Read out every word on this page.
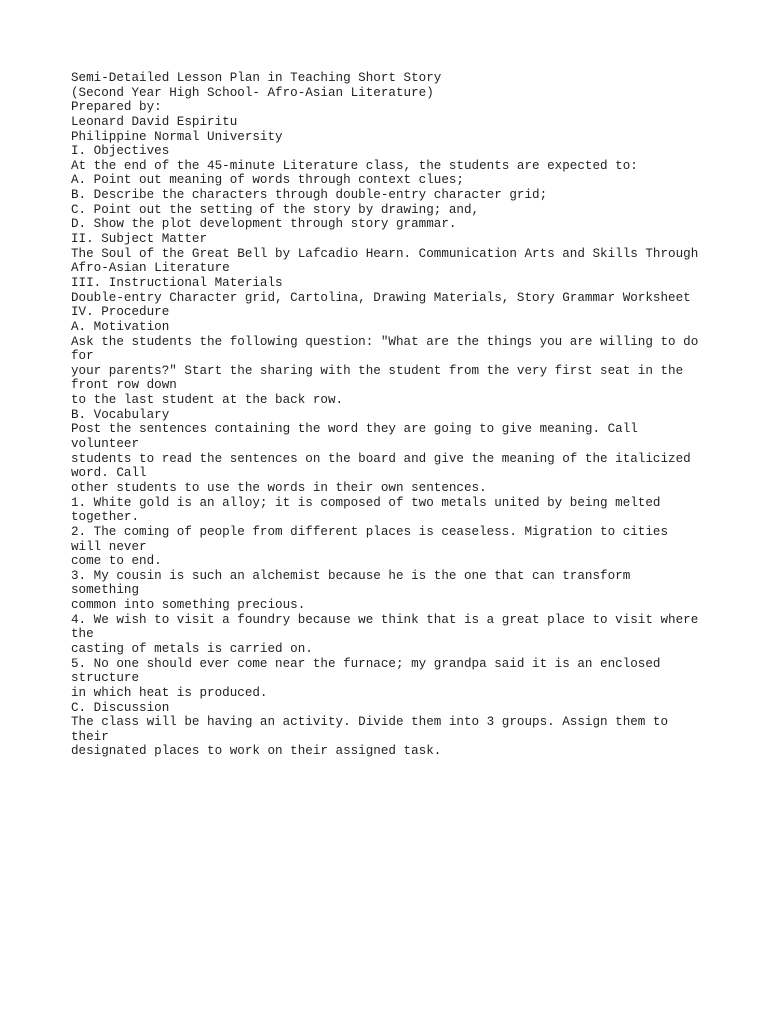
Semi-Detailed Lesson Plan in Teaching Short Story
(Second Year High School- Afro-Asian Literature)
Prepared by:
Leonard David Espiritu
Philippine Normal University
I. Objectives
At the end of the 45-minute Literature class, the students are expected to:
A. Point out meaning of words through context clues;
B. Describe the characters through double-entry character grid;
C. Point out the setting of the story by drawing; and,
D. Show the plot development through story grammar.
II. Subject Matter
The Soul of the Great Bell by Lafcadio Hearn. Communication Arts and Skills Through
Afro-Asian Literature
III. Instructional Materials
Double-entry Character grid, Cartolina, Drawing Materials, Story Grammar Worksheet
IV. Procedure
A. Motivation
Ask the students the following question: "What are the things you are willing to do
for
your parents?" Start the sharing with the student from the very first seat in the
front row down
to the last student at the back row.
B. Vocabulary
Post the sentences containing the word they are going to give meaning. Call
volunteer
students to read the sentences on the board and give the meaning of the italicized
word. Call
other students to use the words in their own sentences.
1. White gold is an alloy; it is composed of two metals united by being melted
together.
2. The coming of people from different places is ceaseless. Migration to cities
will never
come to end.
3. My cousin is such an alchemist because he is the one that can transform
something
common into something precious.
4. We wish to visit a foundry because we think that is a great place to visit where
the
casting of metals is carried on.
5. No one should ever come near the furnace; my grandpa said it is an enclosed
structure
in which heat is produced.
C. Discussion
The class will be having an activity. Divide them into 3 groups. Assign them to
their
designated places to work on their assigned task.
